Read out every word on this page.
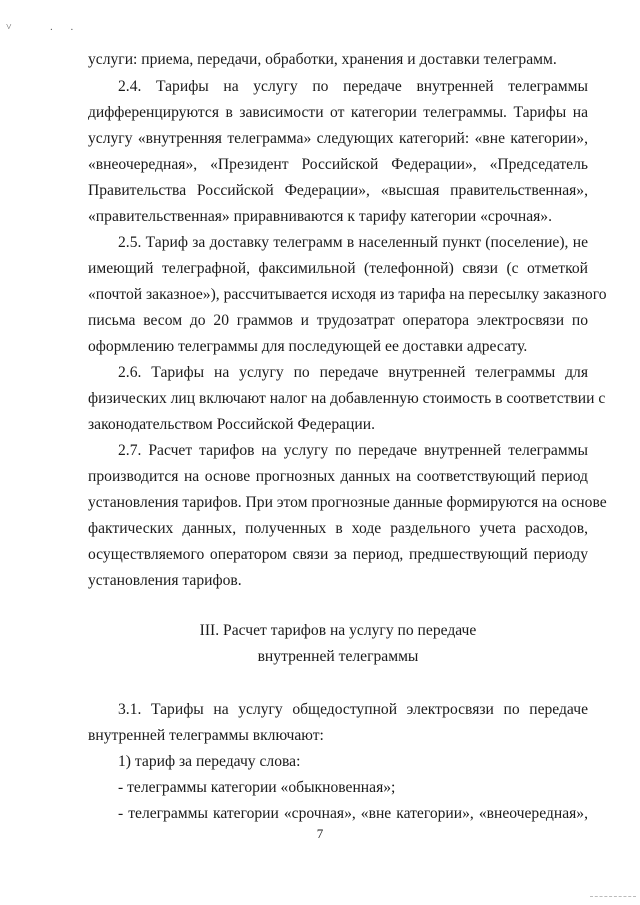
˅ ..

услуги: приема, передачи, обработки, хранения и доставки телеграмм.

2.4. Тарифы на услугу по передаче внутренней телеграммы

дифференцируются в зависимости от категории телеграммы. Тарифы на

услугу «внутренняя телеграмма» следующих категорий: «вне категории»,

«внеочередная», «Президент Российской Федерации», «Председатель

Правительства Российской Федерации», «высшая правительственная»,

«правительственная» приравниваются к тарифу категории «срочная».

2.5. Тариф за доставку телеграмм в населенный пункт (поселение), не

имеющий телеграфной, факсимильной (телефонной) связи (с отметкой

«почтой заказное»), рассчитывается исходя из тарифа на пересылку заказного

письма весом до 20 граммов и трудозатрат оператора электросвязи по

оформлению телеграммы для последующей ее доставки адресату.

2.6. Тарифы на услугу по передаче внутренней телеграммы для

физических лиц включают налог на добавленную стоимость в соответствии с

законодательством Российской Федерации.

2.7. Расчет тарифов на услугу по передаче внутренней телеграммы

производится на основе прогнозных данных на соответствующий период

установления тарифов. При этом прогнозные данные формируются на основе

фактических данных, полученных в ходе раздельного учета расходов,

осуществляемого оператором связи за период, предшествующий периоду

установления тарифов.

III. Расчет тарифов на услугу по передаче

внутренней телеграммы

3.1. Тарифы на услугу общедоступной электросвязи по передаче

внутренней телеграммы включают:

1) тариф за передачу слова:

- телеграммы категории «обыкновенная»;

- телеграммы категории «срочная», «вне категории», «внеочередная»,

7
